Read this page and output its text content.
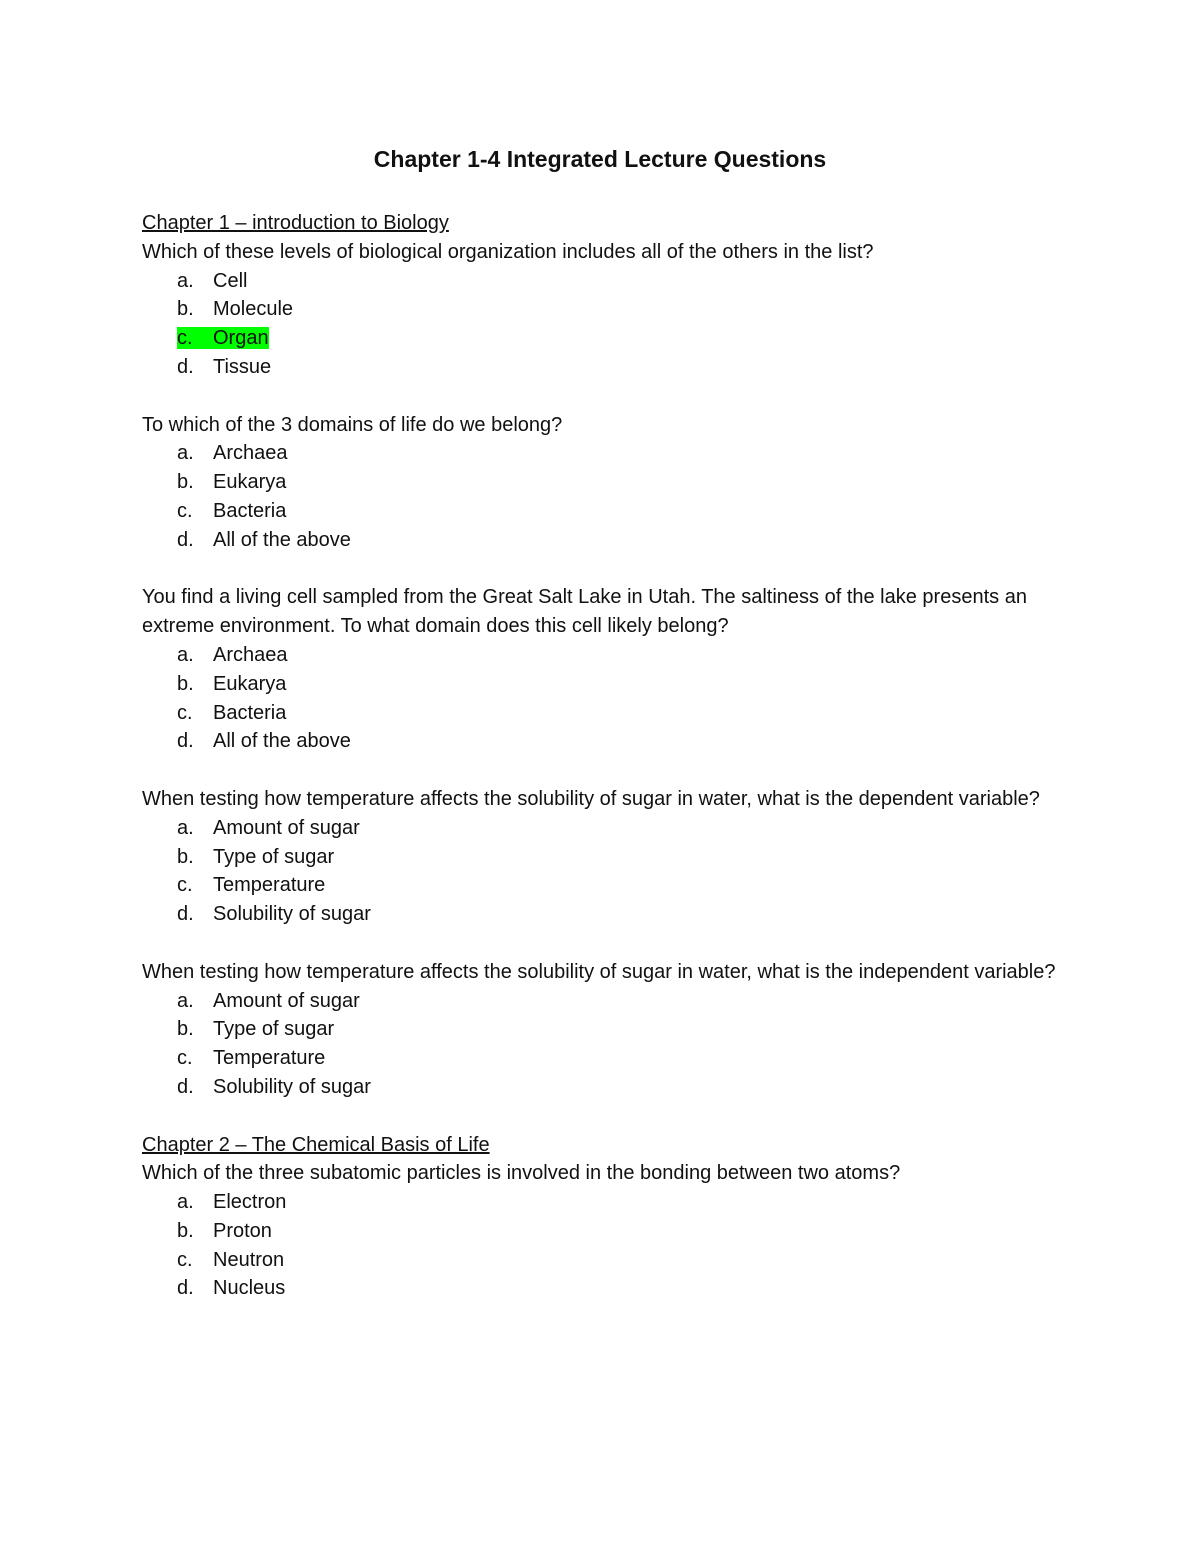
Chapter 1-4 Integrated Lecture Questions

Chapter 1 – introduction to Biology

Which of these levels of biological organization includes all of the others in the list?

a. Cell
b. Molecule
c. Organ
d. Tissue

To which of the 3 domains of life do we belong?

a. Archaea
b. Eukarya
c. Bacteria
d. All of the above

You find a living cell sampled from the Great Salt Lake in Utah. The saltiness of the lake presents an extreme environment. To what domain does this cell likely belong?

a. Archaea
b. Eukarya
c. Bacteria
d. All of the above

When testing how temperature affects the solubility of sugar in water, what is the dependent variable?

a. Amount of sugar
b. Type of sugar
c. Temperature
d. Solubility of sugar

When testing how temperature affects the solubility of sugar in water, what is the independent variable?

a. Amount of sugar
b. Type of sugar
c. Temperature
d. Solubility of sugar

Chapter 2 – The Chemical Basis of Life

Which of the three subatomic particles is involved in the bonding between two atoms?

a. Electron
b. Proton
c. Neutron
d. Nucleus
